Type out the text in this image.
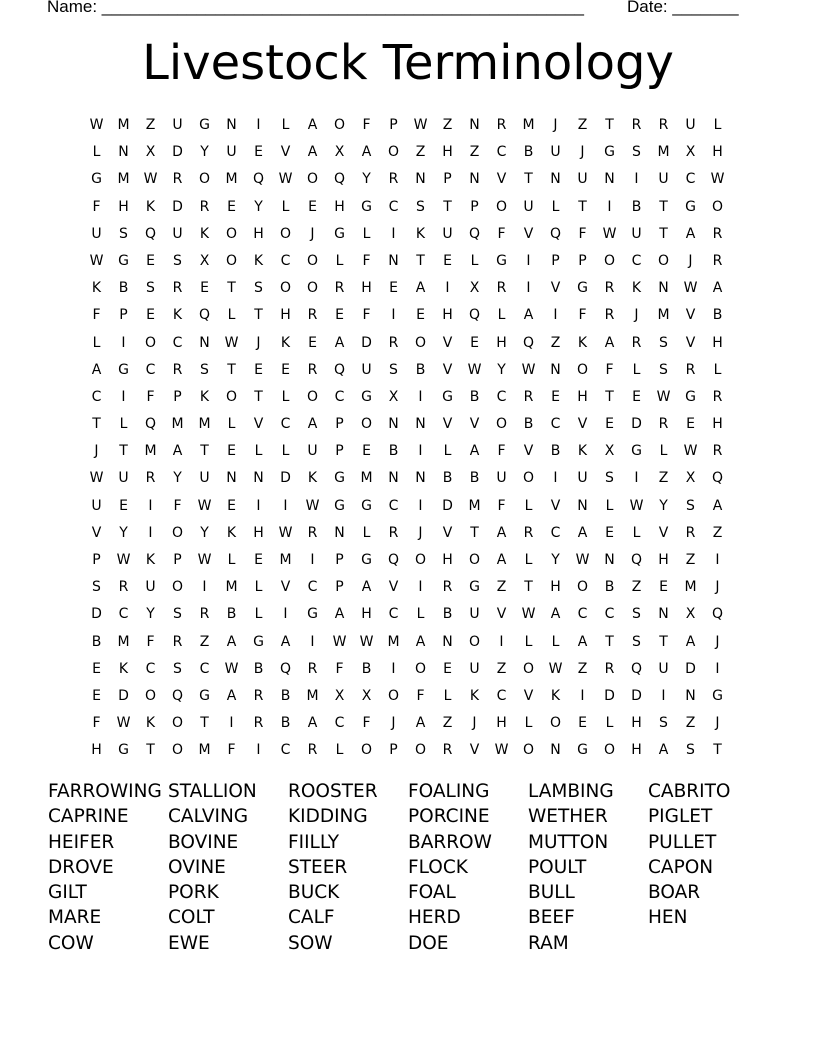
Name: ___________________________________________________	Date: _______
Livestock Terminology
W	M	Z	U	G	N	I	L	A	O	F	P	W	Z	N	R	M	J	Z	T	R	R	U	L
L	N	X	D	Y	U	E	V	A	X	A	O	Z	H	Z	C	B	U	J	G	S	M	X	H
G	M	W	R	O	M	Q	W	O	Q	Y	R	N	P	N	V	T	N	U	N	I	U	C	W
F	H	K	D	R	E	Y	L	E	H	G	C	S	T	P	O	U	L	T	I	B	T	G	O
U	S	Q	U	K	O	H	O	J	G	L	I	K	U	Q	F	V	Q	F	W	U	T	A	R
W	G	E	S	X	O	K	C	O	L	F	N	T	E	L	G	I	P	P	O	C	O	J	R
K	B	S	R	E	T	S	O	O	R	H	E	A	I	X	R	I	V	G	R	K	N	W	A
F	P	E	K	Q	L	T	H	R	E	F	I	E	H	Q	L	A	I	F	R	J	M	V	B
L	I	O	C	N	W	J	K	E	A	D	R	O	V	E	H	Q	Z	K	A	R	S	V	H
A	G	C	R	S	T	E	E	R	Q	U	S	B	V	W	Y	W	N	O	F	L	S	R	L
C	I	F	P	K	O	T	L	O	C	G	X	I	G	B	C	R	E	H	T	E	W	G	R
T	L	Q	M	M	L	V	C	A	P	O	N	N	V	V	O	B	C	V	E	D	R	E	H
J	T	M	A	T	E	L	L	U	P	E	B	I	L	A	F	V	B	K	X	G	L	W	R
W	U	R	Y	U	N	N	D	K	G	M	N	N	B	B	U	O	I	U	S	I	Z	X	Q
U	E	I	F	W	E	I	I	W	G	G	C	I	D	M	F	L	V	N	L	W	Y	S	A
V	Y	I	O	Y	K	H	W	R	N	L	R	J	V	T	A	R	C	A	E	L	V	R	Z
P	W	K	P	W	L	E	M	I	P	G	Q	O	H	O	A	L	Y	W	N	Q	H	Z	I
S	R	U	O	I	M	L	V	C	P	A	V	I	R	G	Z	T	H	O	B	Z	E	M	J
D	C	Y	S	R	B	L	I	G	A	H	C	L	B	U	V	W	A	C	C	S	N	X	Q
B	M	F	R	Z	A	G	A	I	W W	M	A	N	O	I	L	L	A	T	S	T	A	J
E	K	C	S	C	W	B	Q	R	F	B	I	O	E	U	Z	O	W	Z	R	Q	U	D	I
E	D	O	Q	G	A	R	B	M	X	X	O	F	L	K	C	V	K	I	D	D	I	N	G
F	W	K	O	T	I	R	B	A	C	F	J	A	Z	J	H	L	O	E	L	H	S	Z	J
H	G	T	O	M	F	I	C	R	L	O	P	O	R	V	W	O	N	G	O	H	A	S	T
FARROWING STALLION	ROOSTER	FOALING	LAMBING	CABRITO
CAPRINE	CALVING	KIDDING	PORCINE	WETHER	PIGLET
HEIFER	BOVINE	FIILLY	BARROW	MUTTON	PULLET
DROVE	OVINE	STEER	FLOCK	POULT	CAPON
GILT	PORK	BUCK	FOAL	BULL	BOAR
MARE	COLT	CALF	HERD	BEEF	HEN
COW	EWE	SOW	DOE	RAM
